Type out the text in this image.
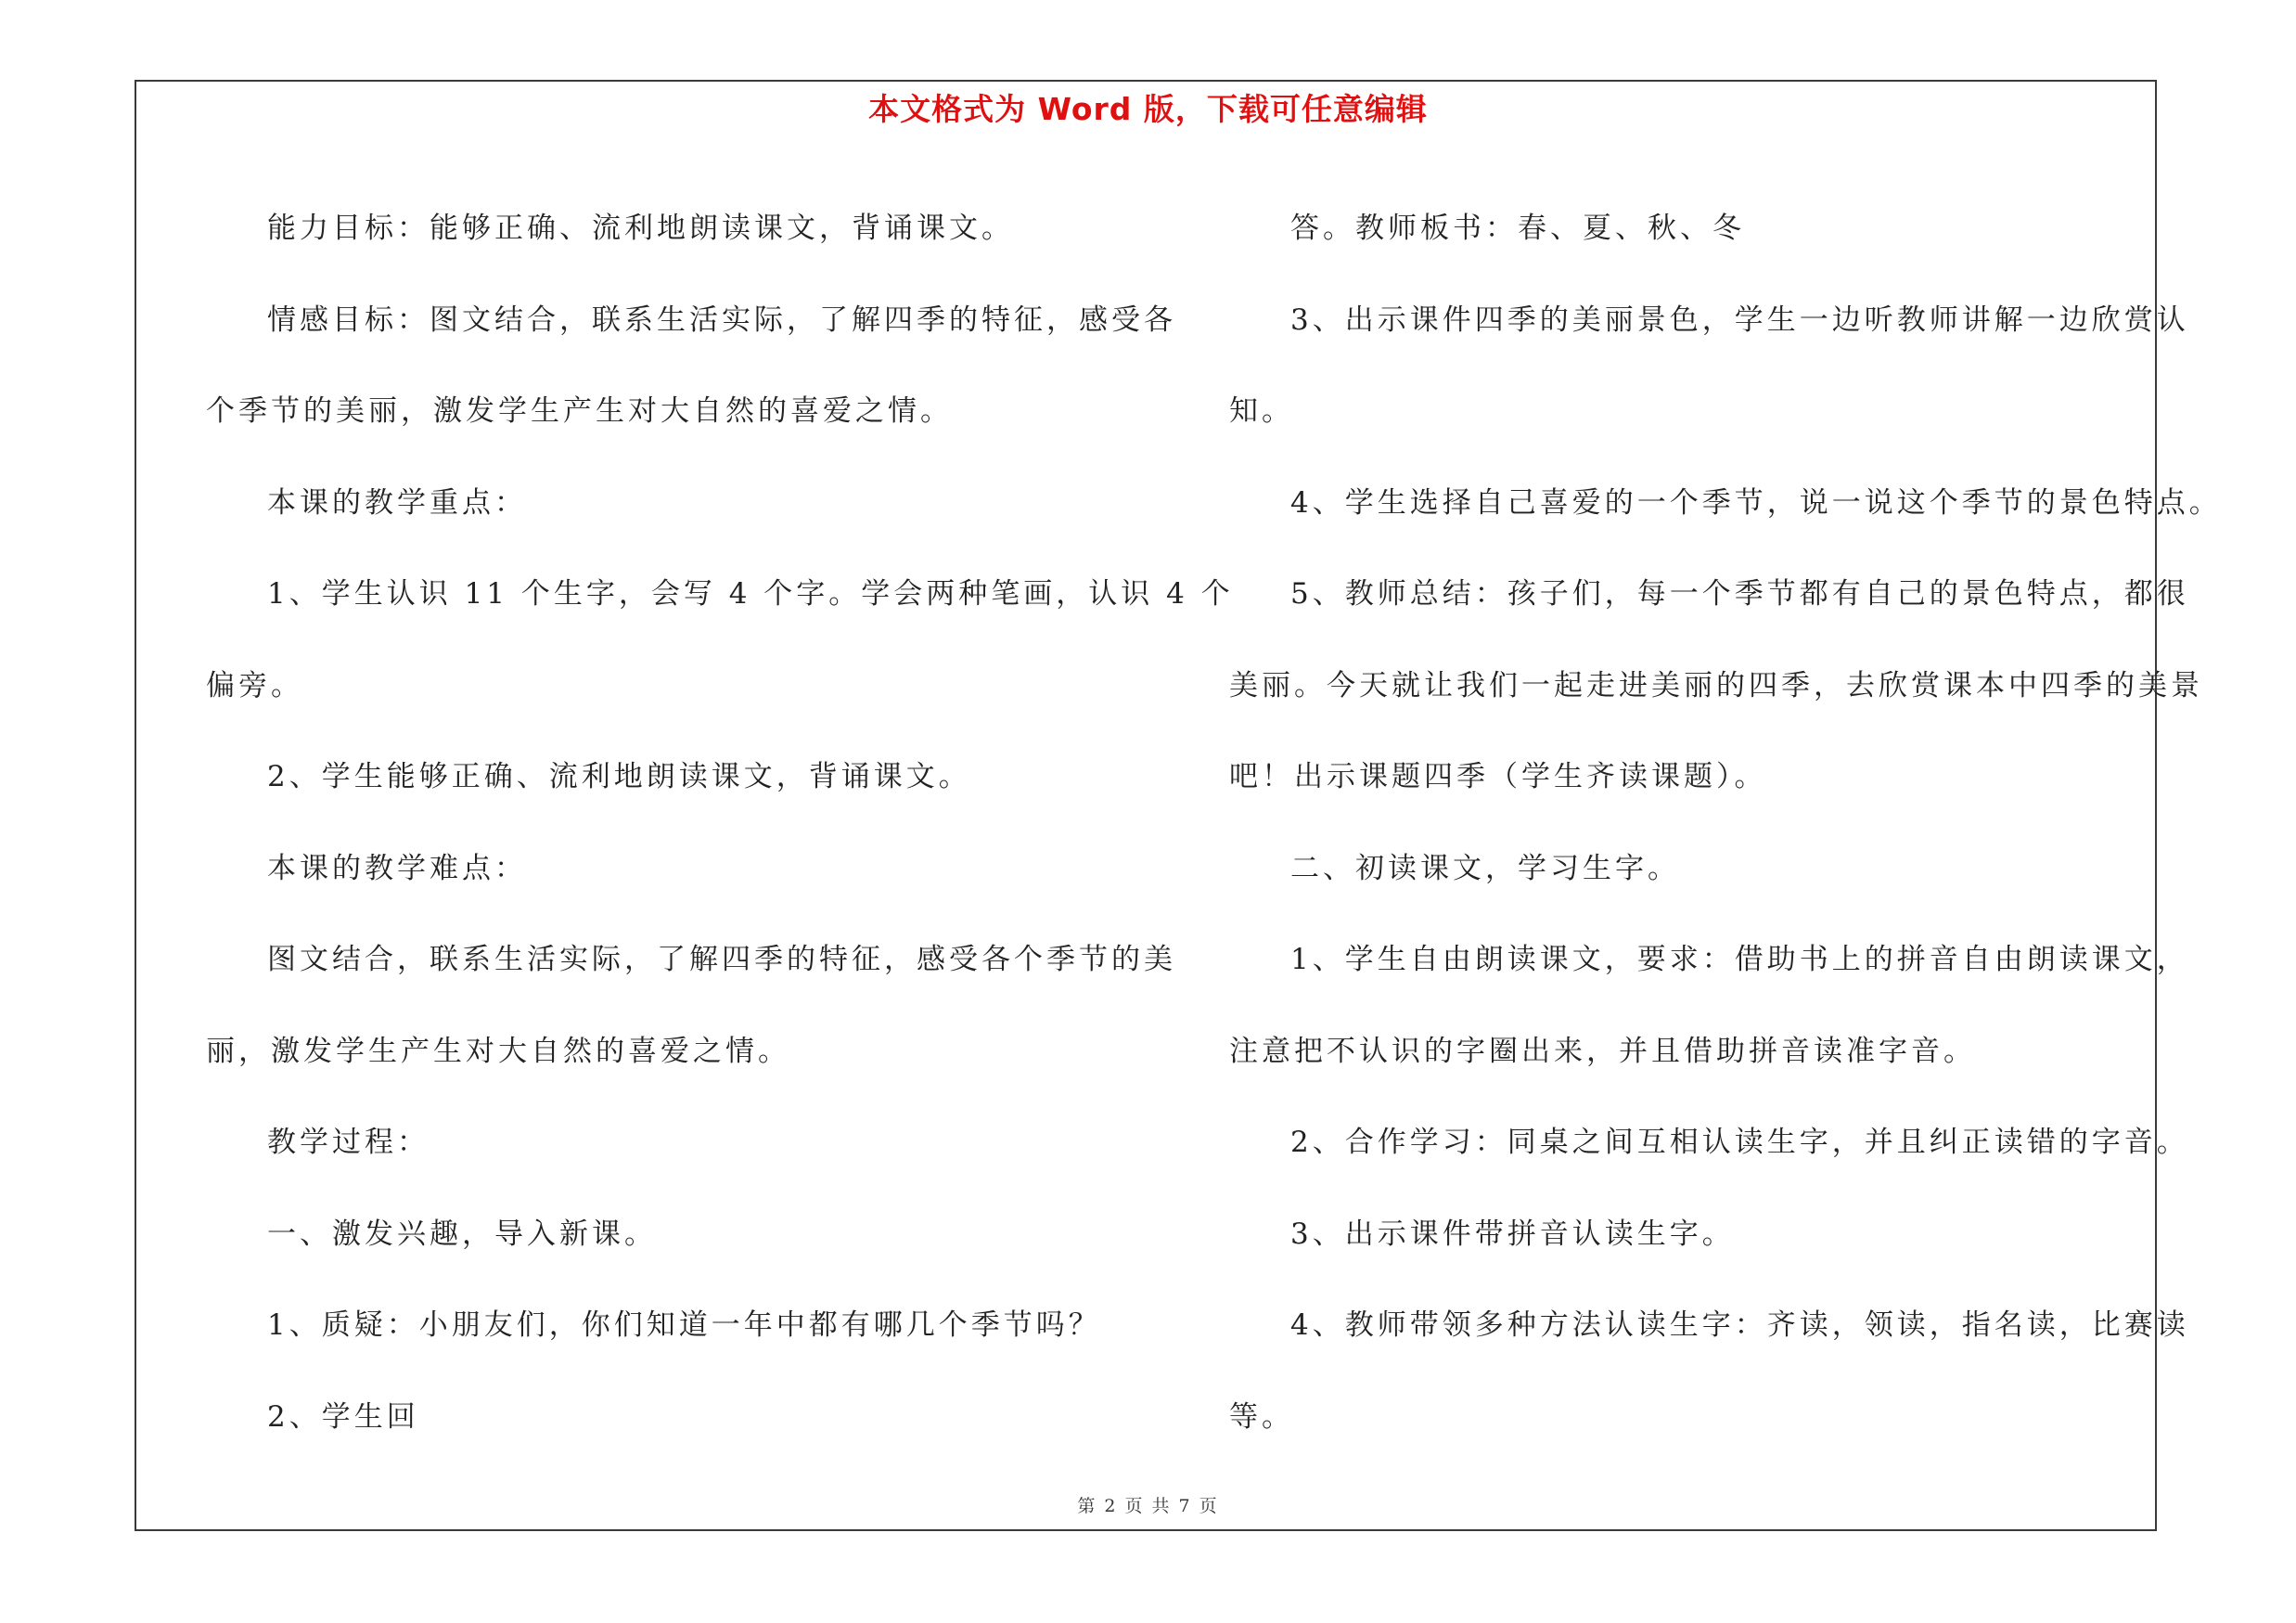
本文格式为 Word 版，下载可任意编辑

能力目标：能够正确、流利地朗读课文，背诵课文。

情感目标：图文结合，联系生活实际，了解四季的特征，感受各

个季节的美丽，激发学生产生对大自然的喜爱之情。

本课的教学重点：

1、学生认识 11 个生字，会写 4 个字。学会两种笔画，认识 4 个

偏旁。

2、学生能够正确、流利地朗读课文，背诵课文。

本课的教学难点：

图文结合，联系生活实际，了解四季的特征，感受各个季节的美

丽，激发学生产生对大自然的喜爱之情。

教学过程：

一、激发兴趣，导入新课。

1、质疑：小朋友们，你们知道一年中都有哪几个季节吗？

2、学生回

答。教师板书：春、夏、秋、冬

3、出示课件四季的美丽景色，学生一边听教师讲解一边欣赏认

知。

4、学生选择自己喜爱的一个季节，说一说这个季节的景色特点。

5、教师总结：孩子们，每一个季节都有自己的景色特点，都很

美丽。今天就让我们一起走进美丽的四季，去欣赏课本中四季的美景

吧！出示课题四季（学生齐读课题）。

二、初读课文，学习生字。

1、学生自由朗读课文，要求：借助书上的拼音自由朗读课文，

注意把不认识的字圈出来，并且借助拼音读准字音。

2、合作学习：同桌之间互相认读生字，并且纠正读错的字音。

3、出示课件带拼音认读生字。

4、教师带领多种方法认读生字：齐读，领读，指名读，比赛读

等。

第 2 页 共 7 页
